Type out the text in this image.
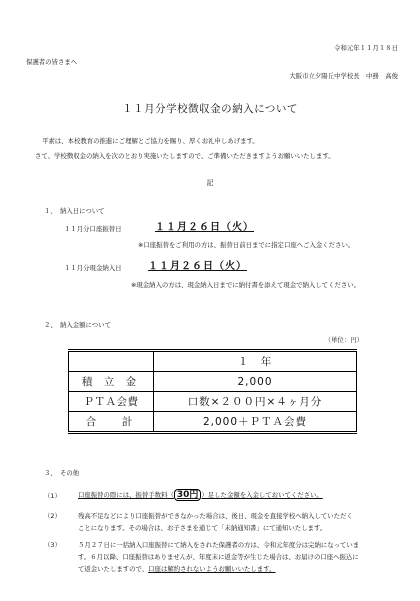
令和元年１１月１８日
保護者の皆さまへ
大阪市立夕陽丘中学校長　中務　高俊
１１月分学校徴収金の納入について
平素は、本校教育の推進にご理解とご協力を賜り、厚くお礼申しあげます。
さて、学校徴収金の納入を次のとおり実施いたしますので、ご準備いただきますようお願いいたします。
記
１、　納入日について
１１月分口座振替日	１１月２６日（火）
※口座振替をご利用の方は、振替日前日までに指定口座へご入金ください。
１１月分現金納入日	１１月２６日（火）
※現金納入の方は、現金納入日までに納付書を添えて現金で納入してください。
２、　納入金額について
（単位：円）
	１　年
積 立 金	2,000
ＰＴＡ会費	口数×２００円×４ヶ月分
合　 計	2,000＋ＰＴＡ会費
３、　その他
（1）	口座振替の際には、振替手数料（ 30円 ）足した金額を入金しておいてください。
（2）	残高不足などにより口座振替ができなかった場合は、後日、現金を直接学校へ納入していただく
ことになります。その場合は、お子さまを通じて「未納通知書」にて通知いたします。
（3）	５月２７日に一括納入口座振替にて納入をされた保護者の方は、令和元年度分は完納になっていま
す。６月以降、口座振替はありませんが、年度末に返金等が生じた場合は、お届けの口座へ振込に
て返金いたしますので、口座は解約されないようお願いいたします。
